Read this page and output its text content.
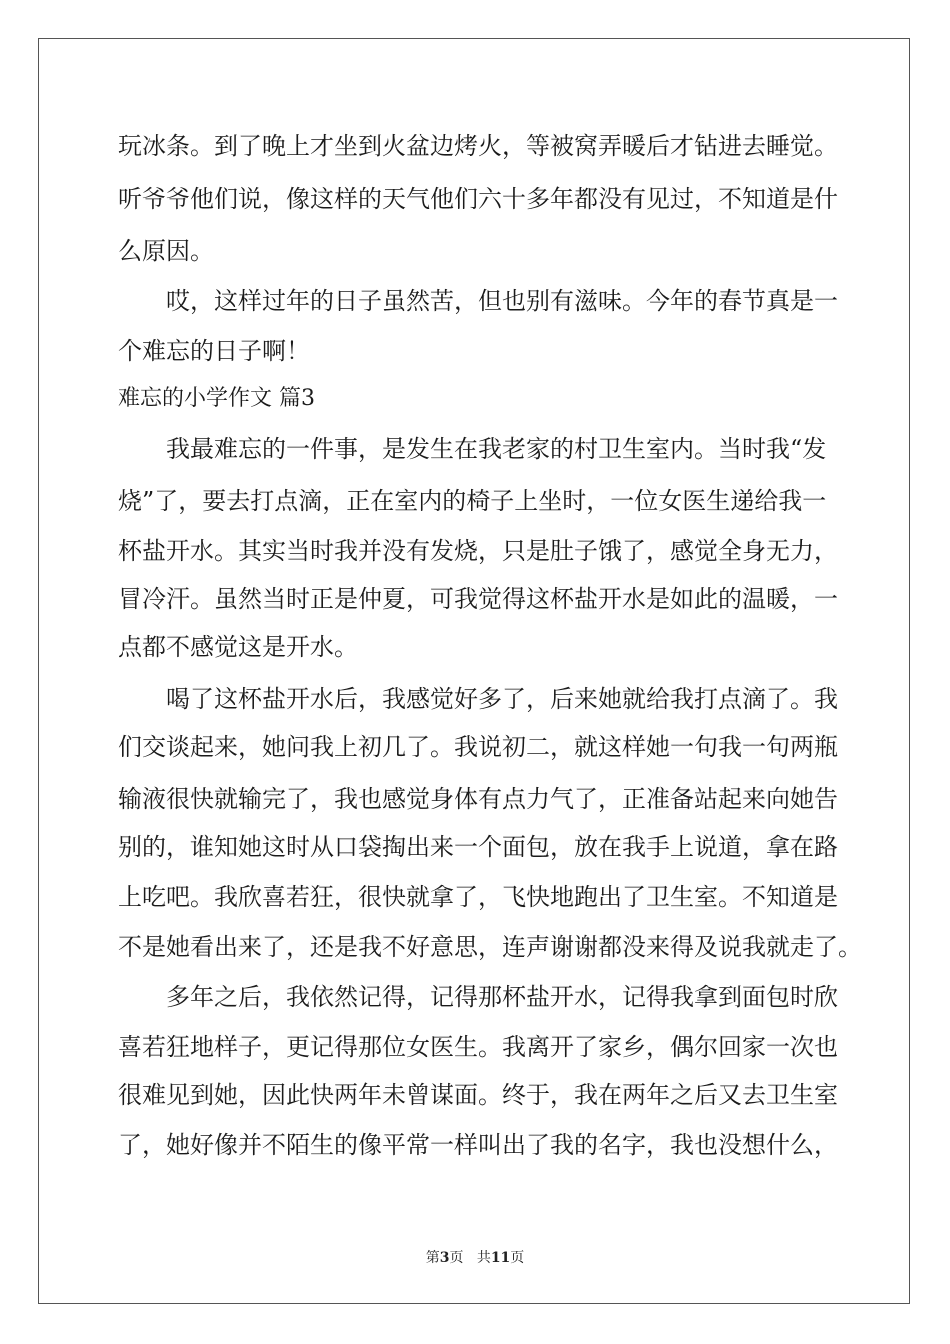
玩冰条。到了晚上才坐到火盆边烤火，等被窝弄暖后才钻进去睡觉。

听爷爷他们说，像这样的天气他们六十多年都没有见过，不知道是什

么原因。

哎，这样过年的日子虽然苦，但也别有滋味。今年的春节真是一

个难忘的日子啊！

难忘的小学作文 篇3

我最难忘的一件事，是发生在我老家的村卫生室内。当时我“发

烧”了，要去打点滴，正在室内的椅子上坐时，一位女医生递给我一

杯盐开水。其实当时我并没有发烧，只是肚子饿了，感觉全身无力，

冒冷汗。虽然当时正是仲夏，可我觉得这杯盐开水是如此的温暖，一

点都不感觉这是开水。

喝了这杯盐开水后，我感觉好多了，后来她就给我打点滴了。我

们交谈起来，她问我上初几了。我说初二，就这样她一句我一句两瓶

输液很快就输完了，我也感觉身体有点力气了，正准备站起来向她告

别的，谁知她这时从口袋掏出来一个面包，放在我手上说道，拿在路

上吃吧。我欣喜若狂，很快就拿了，飞快地跑出了卫生室。不知道是

不是她看出来了，还是我不好意思，连声谢谢都没来得及说我就走了。

多年之后，我依然记得，记得那杯盐开水，记得我拿到面包时欣

喜若狂地样子，更记得那位女医生。我离开了家乡，偶尔回家一次也

很难见到她，因此快两年未曾谋面。终于，我在两年之后又去卫生室

了，她好像并不陌生的像平常一样叫出了我的名字，我也没想什么，

第3页 共11页
